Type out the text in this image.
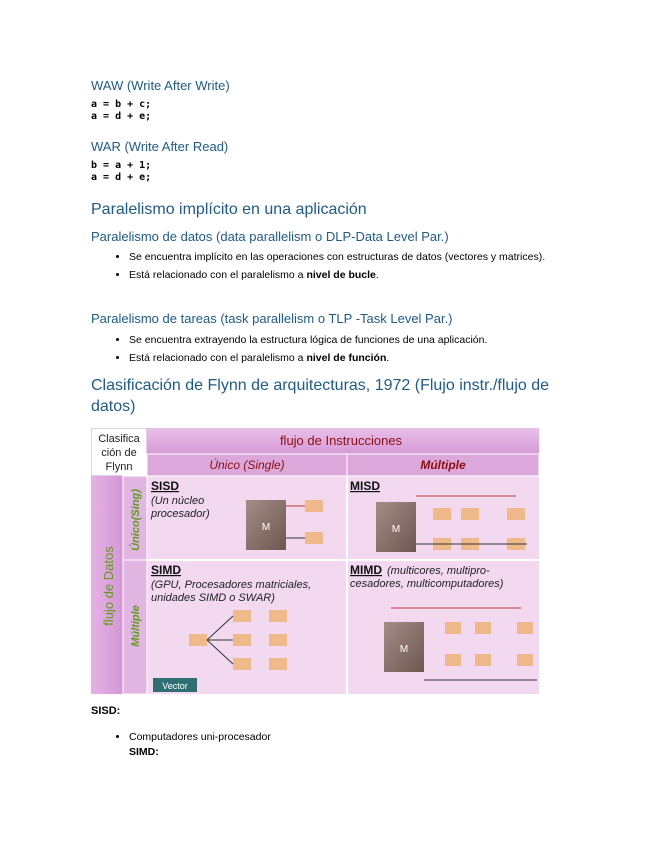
WAW (Write After Write)
a = b + c;
a = d + e;
WAR (Write After Read)
b = a + 1;
a = d + e;
Paralelismo implícito en una aplicación
Paralelismo de datos (data parallelism o DLP-Data Level Par.)
• Se encuentra implícito en las operaciones con estructuras de datos (vectores y matrices).
• Está relacionado con el paralelismo a nivel de bucle.
Paralelismo de tareas (task parallelism o TLP -Task Level Par.)
• Se encuentra extrayendo la estructura lógica de funciones de una aplicación.
• Está relacionado con el paralelismo a nivel de función.
Clasificación de Flynn de arquitecturas, 1972 (Flujo instr./flujo de datos)
Clasifica
ción de
Flynn
flujo de Instrucciones
Único (Single)	Múltiple
flujo de Datos
Único(Sing)
Múltiple
SISD
(Un núcleo
procesador)
M
MISD
M
SIMD
(GPU, Procesadores matriciales,
unidades SIMD o SWAR)
Vector
MIMD (multicores, multipro-
cesadores, multicomputadores)
M
SISD:
• Computadores uni-procesador
SIMD:
